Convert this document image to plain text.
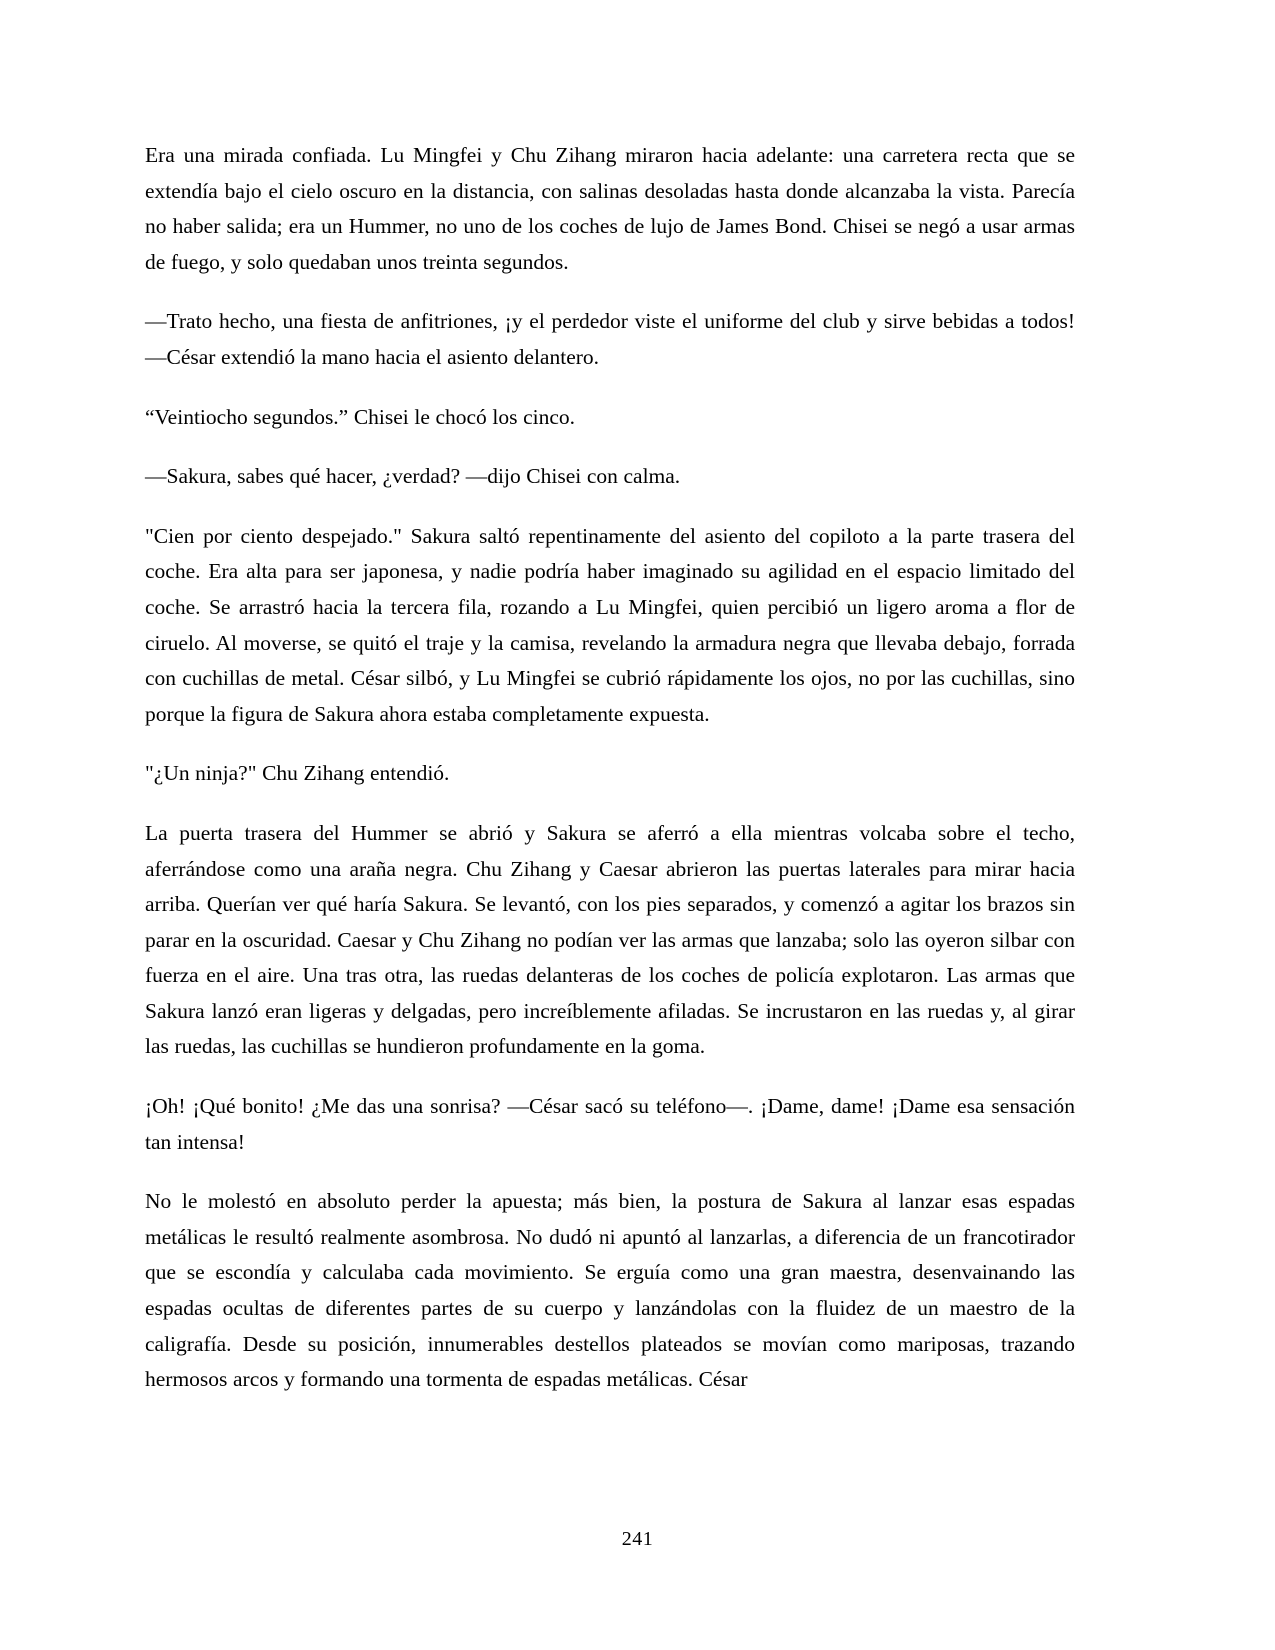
Era una mirada confiada. Lu Mingfei y Chu Zihang miraron hacia adelante: una carretera recta que se extendía bajo el cielo oscuro en la distancia, con salinas desoladas hasta donde alcanzaba la vista. Parecía no haber salida; era un Hummer, no uno de los coches de lujo de James Bond. Chisei se negó a usar armas de fuego, y solo quedaban unos treinta segundos.

—Trato hecho, una fiesta de anfitriones, ¡y el perdedor viste el uniforme del club y sirve bebidas a todos! —César extendió la mano hacia el asiento delantero.

“Veintiocho segundos.” Chisei le chocó los cinco.

—Sakura, sabes qué hacer, ¿verdad? —dijo Chisei con calma.

"Cien por ciento despejado." Sakura saltó repentinamente del asiento del copiloto a la parte trasera del coche. Era alta para ser japonesa, y nadie podría haber imaginado su agilidad en el espacio limitado del coche. Se arrastró hacia la tercera fila, rozando a Lu Mingfei, quien percibió un ligero aroma a flor de ciruelo. Al moverse, se quitó el traje y la camisa, revelando la armadura negra que llevaba debajo, forrada con cuchillas de metal. César silbó, y Lu Mingfei se cubrió rápidamente los ojos, no por las cuchillas, sino porque la figura de Sakura ahora estaba completamente expuesta.

"¿Un ninja?" Chu Zihang entendió.

La puerta trasera del Hummer se abrió y Sakura se aferró a ella mientras volcaba sobre el techo, aferrándose como una araña negra. Chu Zihang y Caesar abrieron las puertas laterales para mirar hacia arriba. Querían ver qué haría Sakura. Se levantó, con los pies separados, y comenzó a agitar los brazos sin parar en la oscuridad. Caesar y Chu Zihang no podían ver las armas que lanzaba; solo las oyeron silbar con fuerza en el aire. Una tras otra, las ruedas delanteras de los coches de policía explotaron. Las armas que Sakura lanzó eran ligeras y delgadas, pero increíblemente afiladas. Se incrustaron en las ruedas y, al girar las ruedas, las cuchillas se hundieron profundamente en la goma.

¡Oh! ¡Qué bonito! ¿Me das una sonrisa? —César sacó su teléfono—. ¡Dame, dame! ¡Dame esa sensación tan intensa!

No le molestó en absoluto perder la apuesta; más bien, la postura de Sakura al lanzar esas espadas metálicas le resultó realmente asombrosa. No dudó ni apuntó al lanzarlas, a diferencia de un francotirador que se escondía y calculaba cada movimiento. Se erguía como una gran maestra, desenvainando las espadas ocultas de diferentes partes de su cuerpo y lanzándolas con la fluidez de un maestro de la caligrafía. Desde su posición, innumerables destellos plateados se movían como mariposas, trazando hermosos arcos y formando una tormenta de espadas metálicas. César

241
